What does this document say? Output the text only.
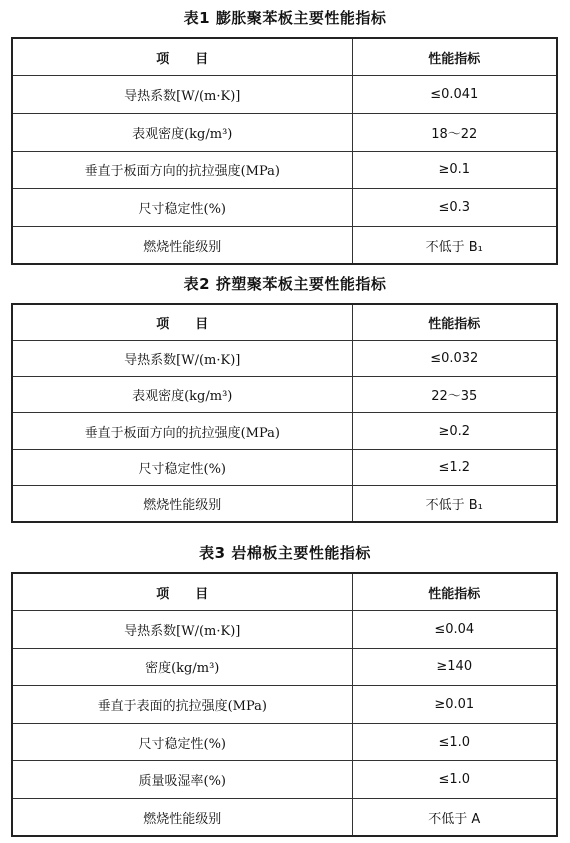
表1 膨胀聚苯板主要性能指标
项　　目	性能指标
导热系数[W/(m·K)]	≤0.041
表观密度(kg/m³)	18～22
垂直于板面方向的抗拉强度(MPa)	≥0.1
尺寸稳定性(%)	≤0.3
燃烧性能级别	不低于 B₁
表2 挤塑聚苯板主要性能指标
项　　目	性能指标
导热系数[W/(m·K)]	≤0.032
表观密度(kg/m³)	22～35
垂直于板面方向的抗拉强度(MPa)	≥0.2
尺寸稳定性(%)	≤1.2
燃烧性能级别	不低于 B₁
表3 岩棉板主要性能指标
项　　目	性能指标
导热系数[W/(m·K)]	≤0.04
密度(kg/m³)	≥140
垂直于表面的抗拉强度(MPa)	≥0.01
尺寸稳定性(%)	≤1.0
质量吸湿率(%)	≤1.0
燃烧性能级别	不低于 A
